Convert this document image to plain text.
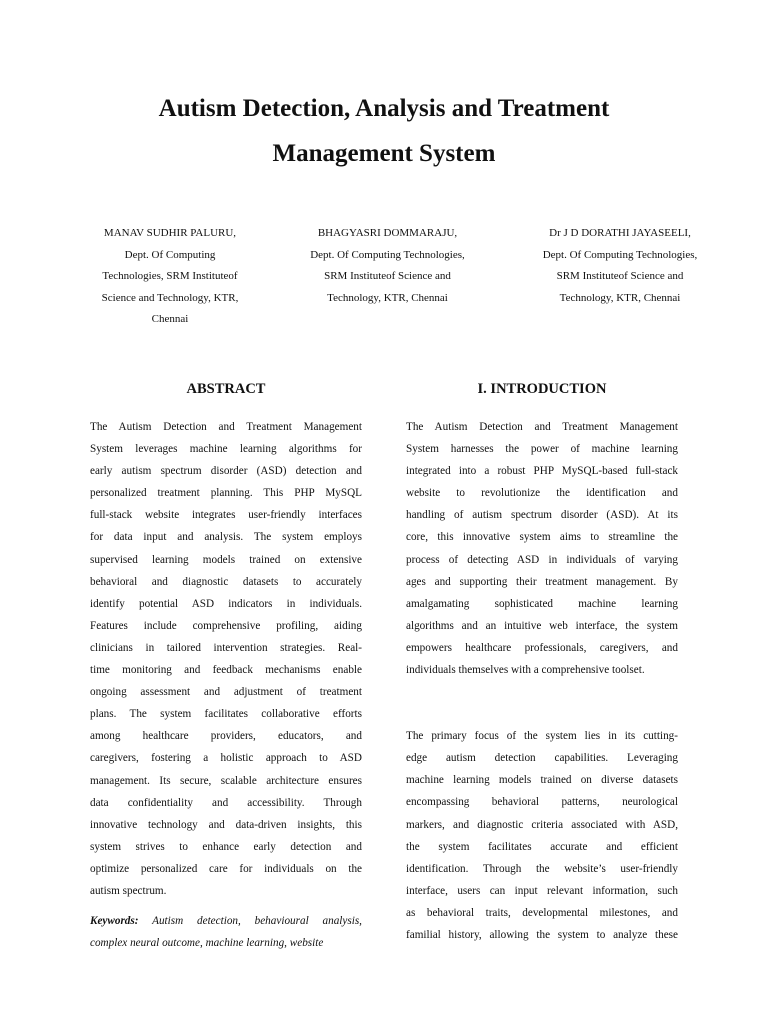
Autism Detection, Analysis and Treatment
Management System
MANAV SUDHIR PALURU,
Dept. Of Computing
Technologies, SRM Instituteof
Science and Technology, KTR,
Chennai
BHAGYASRI DOMMARAJU,
Dept. Of Computing Technologies,
SRM Instituteof Science and
Technology, KTR, Chennai
Dr J D DORATHI JAYASEELI,
Dept. Of Computing Technologies,
SRM Instituteof Science and
Technology, KTR, Chennai
ABSTRACT
The Autism Detection and Treatment Management
System leverages machine learning algorithms for
early autism spectrum disorder (ASD) detection and
personalized treatment planning. This PHP MySQL
full-stack website integrates user-friendly interfaces
for data input and analysis. The system employs
supervised learning models trained on extensive
behavioral and diagnostic datasets to accurately
identify potential ASD indicators in individuals.
Features include comprehensive profiling, aiding
clinicians in tailored intervention strategies. Real-
time monitoring and feedback mechanisms enable
ongoing assessment and adjustment of treatment
plans. The system facilitates collaborative efforts
among healthcare providers, educators, and
caregivers, fostering a holistic approach to ASD
management. Its secure, scalable architecture ensures
data confidentiality and accessibility. Through
innovative technology and data-driven insights, this
system strives to enhance early detection and
optimize personalized care for individuals on the
autism spectrum.
Keywords: Autism detection, behavioural analysis,
complex neural outcome, machine learning, website
I. INTRODUCTION
The Autism Detection and Treatment Management
System harnesses the power of machine learning
integrated into a robust PHP MySQL-based full-stack
website to revolutionize the identification and
handling of autism spectrum disorder (ASD). At its
core, this innovative system aims to streamline the
process of detecting ASD in individuals of varying
ages and supporting their treatment management. By
amalgamating sophisticated machine learning
algorithms and an intuitive web interface, the system
empowers healthcare professionals, caregivers, and
individuals themselves with a comprehensive toolset.
The primary focus of the system lies in its cutting-
edge autism detection capabilities. Leveraging
machine learning models trained on diverse datasets
encompassing behavioral patterns, neurological
markers, and diagnostic criteria associated with ASD,
the system facilitates accurate and efficient
identification. Through the website’s user-friendly
interface, users can input relevant information, such
as behavioral traits, developmental milestones, and
familial history, allowing the system to analyze these
